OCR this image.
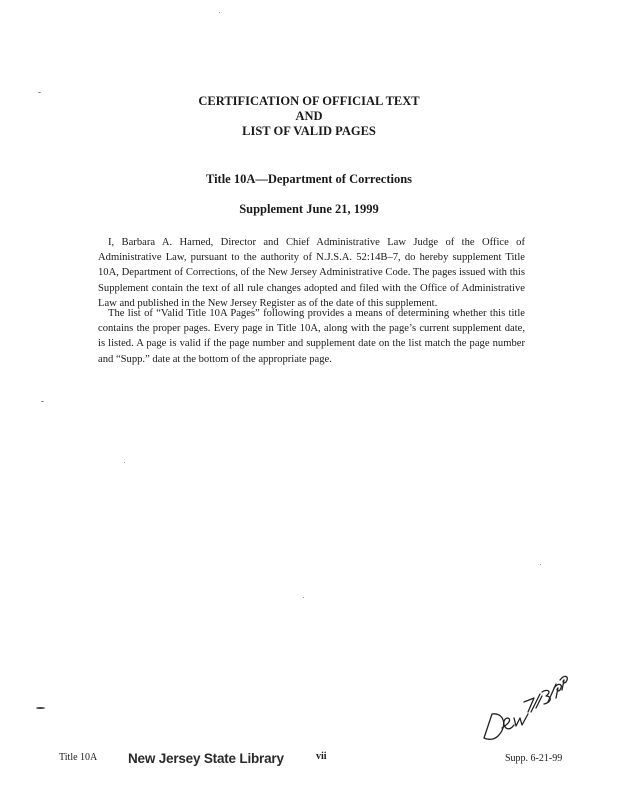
CERTIFICATION OF OFFICIAL TEXT

AND

LIST OF VALID PAGES

Title 10A—Department of Corrections

Supplement June 21, 1999

I, Barbara A. Harned, Director and Chief Administrative Law Judge of the Office of Administrative Law, pursuant to the authority of N.J.S.A. 52:14B–7, do hereby supplement Title 10A, Department of Corrections, of the New Jersey Administrative Code. The pages issued with this Supplement contain the text of all rule changes adopted and filed with the Office of Administrative Law and published in the New Jersey Register as of the date of this supplement.

The list of “Valid Title 10A Pages” following provides a means of determining whether this title contains the proper pages. Every page in Title 10A, along with the page’s current supplement date, is listed. A page is valid if the page number and supplement date on the list match the page number and “Supp.” date at the bottom of the appropriate page.

Title 10A New Jersey State Library	vii	Supp. 6-21-99
